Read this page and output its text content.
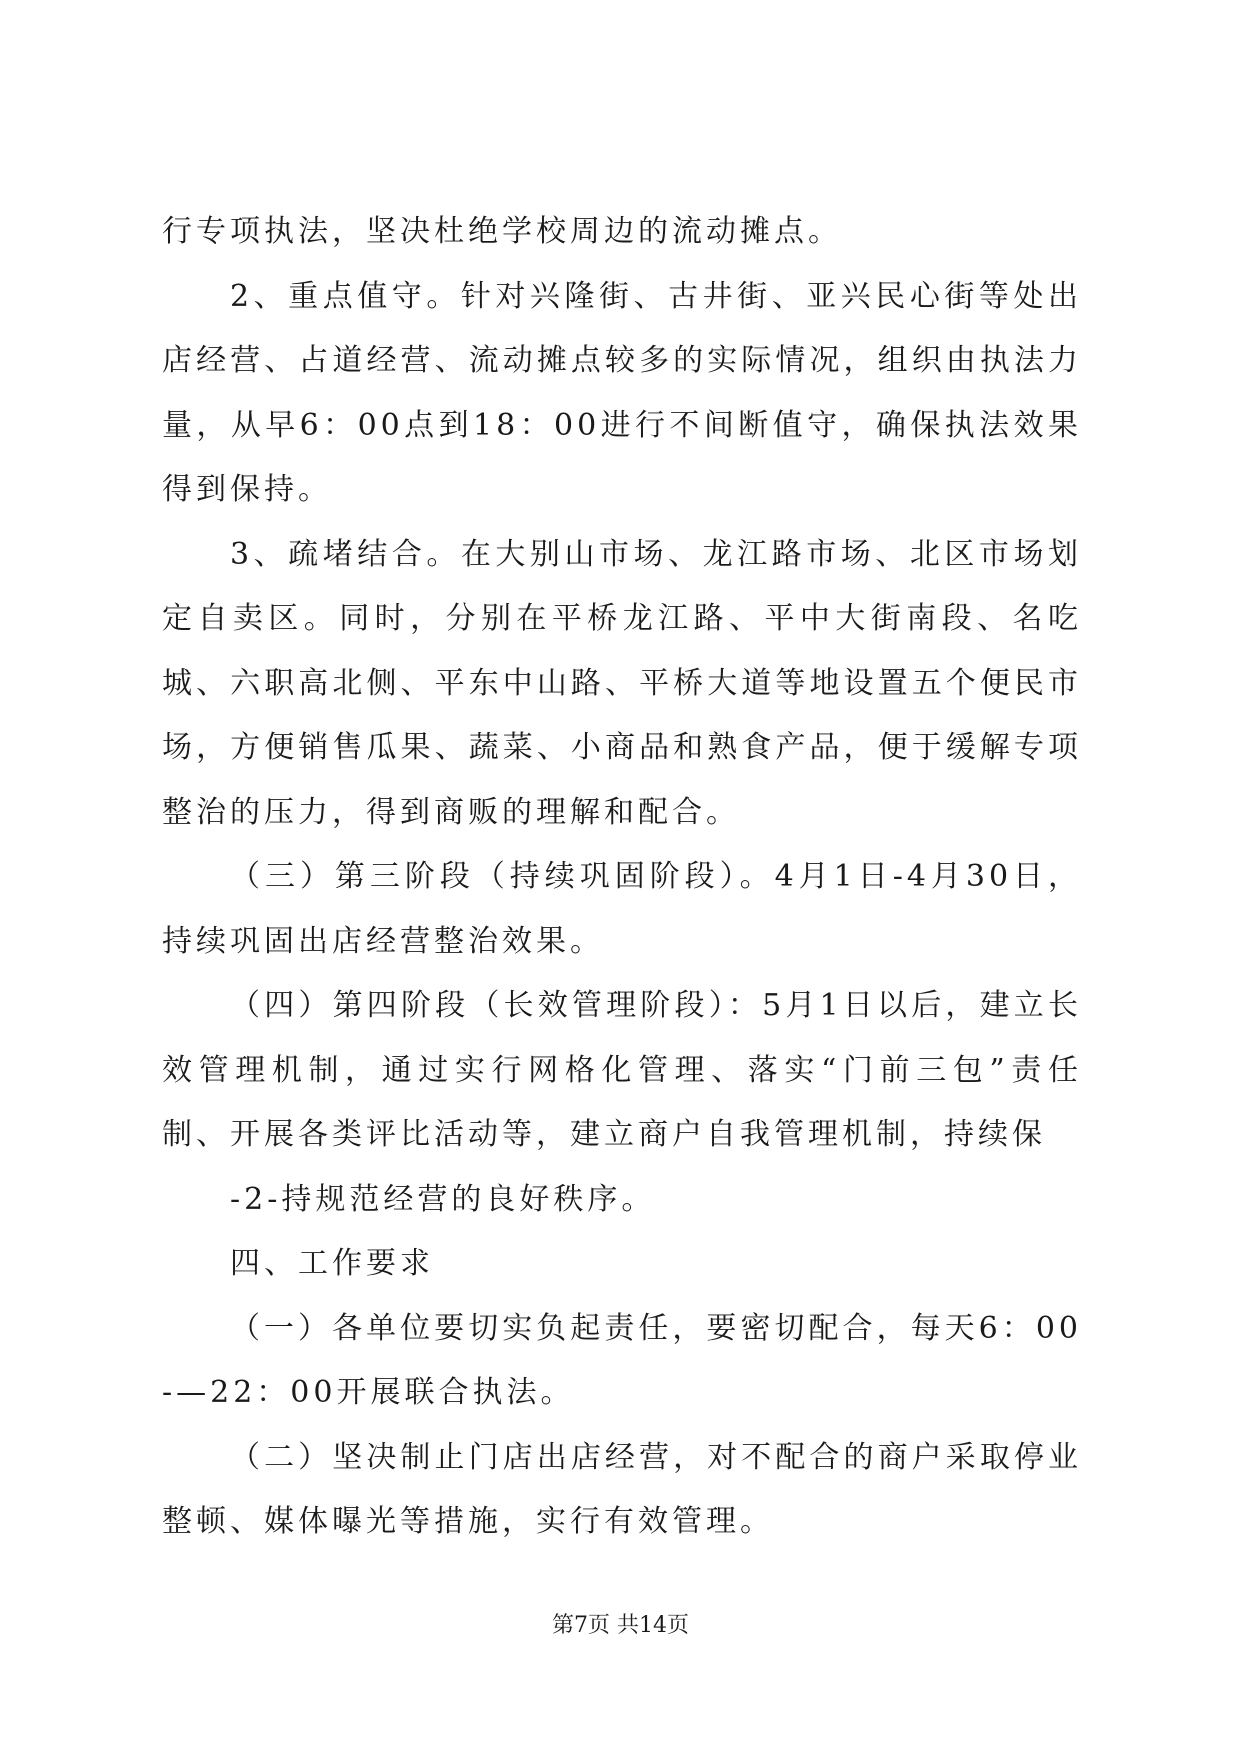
行专项执法，坚决杜绝学校周边的流动摊点。

2、重点值守。针对兴隆街、古井街、亚兴民心街等处出店经营、占道经营、流动摊点较多的实际情况，组织由执法力量，从早6：00点到18：00进行不间断值守，确保执法效果得到保持。

3、疏堵结合。在大别山市场、龙江路市场、北区市场划定自卖区。同时，分别在平桥龙江路、平中大街南段、名吃城、六职高北侧、平东中山路、平桥大道等地设置五个便民市场，方便销售瓜果、蔬菜、小商品和熟食产品，便于缓解专项整治的压力，得到商贩的理解和配合。

（三）第三阶段（持续巩固阶段）。4月1日-4月30日，持续巩固出店经营整治效果。

（四）第四阶段（长效管理阶段）：5月1日以后，建立长效管理机制，通过实行网格化管理、落实“门前三包”责任制、开展各类评比活动等，建立商户自我管理机制，持续保

-2-持规范经营的良好秩序。

四、工作要求

（一）各单位要切实负起责任，要密切配合，每天6：00-—22：00开展联合执法。

（二）坚决制止门店出店经营，对不配合的商户采取停业整顿、媒体曝光等措施，实行有效管理。

第7页 共14页
